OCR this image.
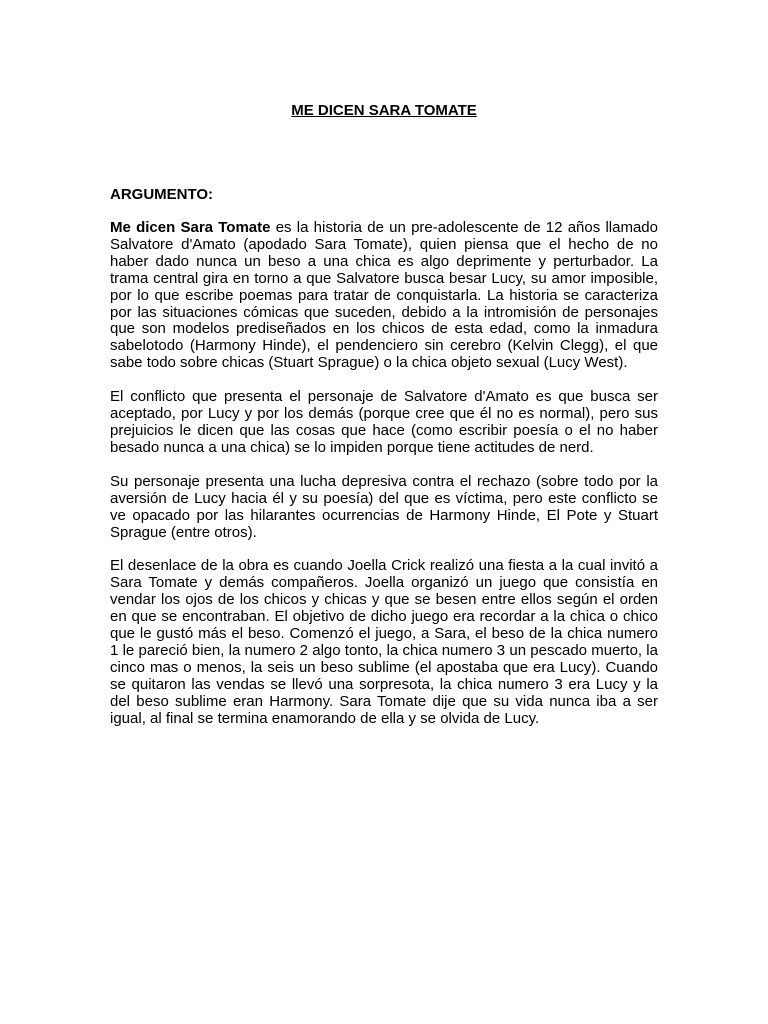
ME DICEN SARA TOMATE
ARGUMENTO:

Me dicen Sara Tomate es la historia de un pre-adolescente de 12 años llamado Salvatore d'Amato (apodado Sara Tomate), quien piensa que el hecho de no haber dado nunca un beso a una chica es algo deprimente y perturbador. La trama central gira en torno a que Salvatore busca besar Lucy, su amor imposible, por lo que escribe poemas para tratar de conquistarla. La historia se caracteriza por las situaciones cómicas que suceden, debido a la intromisión de personajes que son modelos prediseñados en los chicos de esta edad, como la inmadura sabelotodo (Harmony Hinde), el pendenciero sin cerebro (Kelvin Clegg), el que sabe todo sobre chicas (Stuart Sprague) o la chica objeto sexual (Lucy West).

El conflicto que presenta el personaje de Salvatore d'Amato es que busca ser aceptado, por Lucy y por los demás (porque cree que él no es normal), pero sus prejuicios le dicen que las cosas que hace (como escribir poesía o el no haber besado nunca a una chica) se lo impiden porque tiene actitudes de nerd.

Su personaje presenta una lucha depresiva contra el rechazo (sobre todo por la aversión de Lucy hacia él y su poesía) del que es víctima, pero este conflicto se ve opacado por las hilarantes ocurrencias de Harmony Hinde, El Pote y Stuart Sprague (entre otros).

El desenlace de la obra es cuando Joella Crick realizó una fiesta a la cual invitó a Sara Tomate y demás compañeros. Joella organizó un juego que consistía en vendar los ojos de los chicos y chicas y que se besen entre ellos según el orden en que se encontraban. El objetivo de dicho juego era recordar a la chica o chico que le gustó más el beso. Comenzó el juego, a Sara, el beso de la chica numero 1 le pareció bien, la numero 2 algo tonto, la chica numero 3 un pescado muerto, la cinco mas o menos, la seis un beso sublime (el apostaba que era Lucy). Cuando se quitaron las vendas se llevó una sorpresota, la chica numero 3 era Lucy y la del beso sublime eran Harmony. Sara Tomate dije que su vida nunca iba a ser igual, al final se termina enamorando de ella y se olvida de Lucy.
